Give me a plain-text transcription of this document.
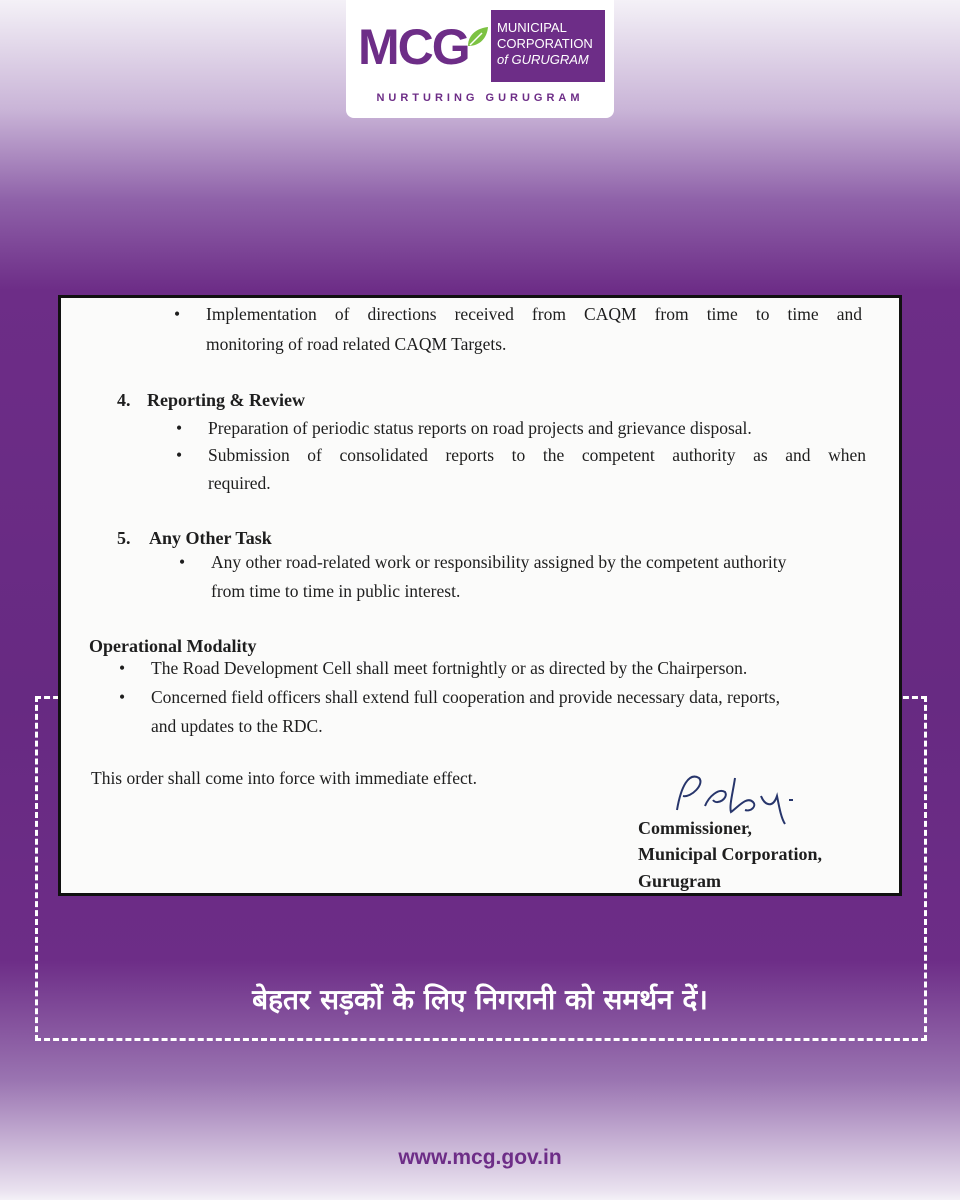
MCG MUNICIPAL
CORPORATION
of GURUGRAM
NURTURING GURUGRAM
• Implementation of directions received from CAQM from time to time and
monitoring of road related CAQM Targets.
4. Reporting & Review
• Preparation of periodic status reports on road projects and grievance disposal.
• Submission of consolidated reports to the competent authority as and when
required.
5. Any Other Task
• Any other road-related work or responsibility assigned by the competent authority
from time to time in public interest.
Operational Modality
• The Road Development Cell shall meet fortnightly or as directed by the Chairperson.
• Concerned field officers shall extend full cooperation and provide necessary data, reports,
and updates to the RDC.
This order shall come into force with immediate effect.
Commissioner,
Municipal Corporation,
Gurugram
बेहतर सड़कों के लिए निगरानी को समर्थन दें।
www.mcg.gov.in
